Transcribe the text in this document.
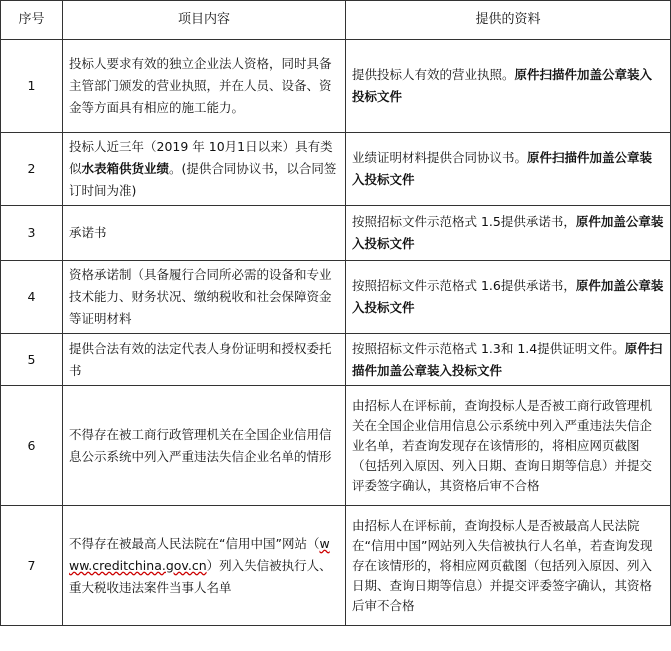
序号	项目内容	提供的资料
1	投标人要求有效的独立企业法人资格，同时具备主管部门颁发的营业执照，并在人员、设备、资金等方面具有相应的施工能力。	提供投标人有效的营业执照。原件扫描件加盖公章装入投标文件
2	投标人近三年（2019 年 10月1日以来）具有类似水表箱供货业绩。(提供合同协议书，以合同签订时间为准)	业绩证明材料提供合同协议书。原件扫描件加盖公章装入投标文件
3	承诺书	按照招标文件示范格式 1.5提供承诺书，原件加盖公章装入投标文件
4	资格承诺制（具备履行合同所必需的设备和专业技术能力、财务状况、缴纳税收和社会保障资金等证明材料	按照招标文件示范格式 1.6提供承诺书，原件加盖公章装入投标文件
5	提供合法有效的法定代表人身份证明和授权委托书	按照招标文件示范格式 1.3和 1.4提供证明文件。原件扫描件加盖公章装入投标文件
6	不得存在被工商行政管理机关在全国企业信用信息公示系统中列入严重违法失信企业名单的情形	由招标人在评标前，查询投标人是否被工商行政管理机关在全国企业信用信息公示系统中列入严重违法失信企业名单，若查询发现存在该情形的，将相应网页截图（包括列入原因、列入日期、查询日期等信息）并提交评委签字确认，其资格后审不合格
7	不得存在被最高人民法院在“信用中国”网站（www.creditchina.gov.cn）列入失信被执行人、重大税收违法案件当事人名单	由招标人在评标前，查询投标人是否被最高人民法院在“信用中国”网站列入失信被执行人名单，若查询发现存在该情形的，将相应网页截图（包括列入原因、列入日期、查询日期等信息）并提交评委签字确认，其资格后审不合格
